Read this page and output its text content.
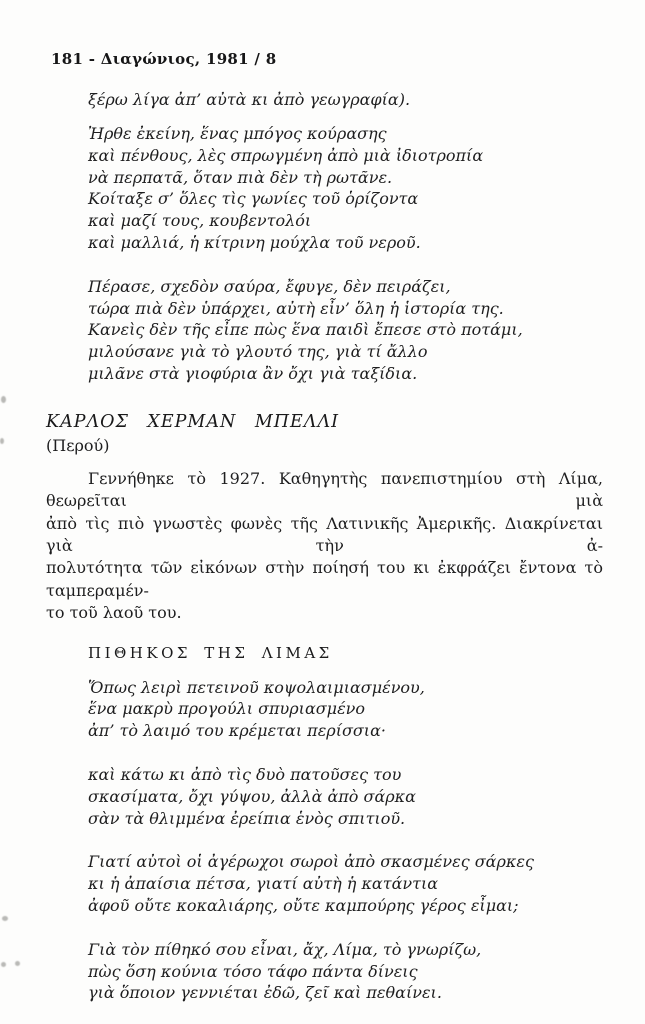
181 - Διαγώνιος, 1981 / 8
ξέρω λίγα ἀπ’ αὐτὰ κι ἀπὸ γεωγραφία).
Ἠρθε ἐκείνη, ἕνας μπόγος κούρασης
καὶ πένθους, λὲς σπρωγμένη ἀπὸ μιὰ ἰδιοτροπία
νὰ περπατᾶ, ὅταν πιὰ δὲν τὴ ρωτᾶνε.
Κοίταξε σ’ ὅλες τὶς γωνίες τοῦ ὁρίζοντα
καὶ μαζί τους, κουβεντολόι
καὶ μαλλιά, ἡ κίτρινη μούχλα τοῦ νεροῦ.
Πέρασε, σχεδὸν σαύρα, ἔφυγε, δὲν πειράζει,
τώρα πιὰ δὲν ὑπάρχει, αὐτὴ εἶν’ ὅλη ἡ ἱστορία της.
Κανεὶς δὲν τῆς εἶπε πὼς ἕνα παιδὶ ἔπεσε στὸ ποτάμι,
μιλούσανε γιὰ τὸ γλουτό της, γιὰ τί ἄλλο
μιλᾶνε στὰ γιοφύρια ἂν ὄχι γιὰ ταξίδια.
ΚΑΡΛΟΣ ΧΕΡΜΑΝ ΜΠΕΛΛΙ
(Περού)
Γεννήθηκε τὸ 1927. Καθηγητὴς πανεπιστημίου στὴ Λίμα, θεωρεῖται μιὰ
ἀπὸ τὶς πιὸ γνωστὲς φωνὲς τῆς Λατινικῆς Ἀμερικῆς. Διακρίνεται γιὰ τὴν ἀ-
πολυτότητα τῶν εἰκόνων στὴν ποίησή του κι ἐκφράζει ἔντονα τὸ ταμπεραμέν-
το τοῦ λαοῦ του.
ΠΙΘΗΚΟΣ ΤΗΣ ΛΙΜΑΣ
Ὅπως λειρὶ πετεινοῦ κοψολαιμιασμένου,
ἕνα μακρὺ προγούλι σπυριασμένο
ἀπ’ τὸ λαιμό του κρέμεται περίσσια·
καὶ κάτω κι ἀπὸ τὶς δυὸ πατοῦσες του
σκασίματα, ὄχι γύψου, ἀλλὰ ἀπὸ σάρκα
σὰν τὰ θλιμμένα ἐρείπια ἑνὸς σπιτιοῦ.
Γιατί αὐτοὶ οἱ ἀγέρωχοι σωροὶ ἀπὸ σκασμένες σάρκες
κι ἡ ἀπαίσια πέτσα, γιατί αὐτὴ ἡ κατάντια
ἀφοῦ οὔτε κοκαλιάρης, οὔτε καμπούρης γέρος εἶμαι;
Γιὰ τὸν πίθηκό σου εἶναι, ἄχ, Λίμα, τὸ γνωρίζω,
πὼς ὅση κούνια τόσο τάφο πάντα δίνεις
γιὰ ὅποιον γεννιέται ἐδῶ, ζεῖ καὶ πεθαίνει.
